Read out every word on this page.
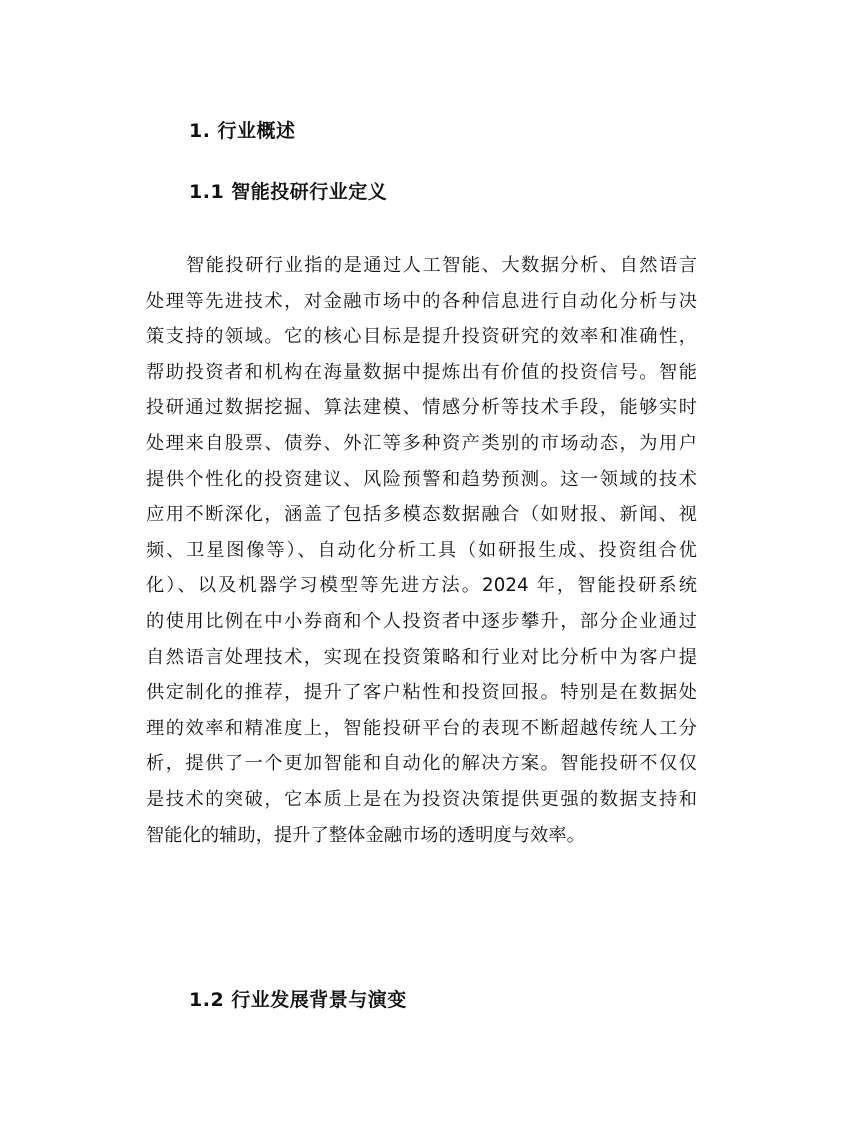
1. 行业概述
1.1 智能投研行业定义
智能投研行业指的是通过人工智能、大数据分析、自然语言
处理等先进技术，对金融市场中的各种信息进行自动化分析与决
策支持的领域。它的核心目标是提升投资研究的效率和准确性，
帮助投资者和机构在海量数据中提炼出有价值的投资信号。智能
投研通过数据挖掘、算法建模、情感分析等技术手段，能够实时
处理来自股票、债券、外汇等多种资产类别的市场动态，为用户
提供个性化的投资建议、风险预警和趋势预测。这一领域的技术
应用不断深化，涵盖了包括多模态数据融合（如财报、新闻、视
频、卫星图像等）、自动化分析工具（如研报生成、投资组合优
化）、以及机器学习模型等先进方法。2024 年，智能投研系统
的使用比例在中小券商和个人投资者中逐步攀升，部分企业通过
自然语言处理技术，实现在投资策略和行业对比分析中为客户提
供定制化的推荐，提升了客户粘性和投资回报。特别是在数据处
理的效率和精准度上，智能投研平台的表现不断超越传统人工分
析，提供了一个更加智能和自动化的解决方案。智能投研不仅仅
是技术的突破，它本质上是在为投资决策提供更强的数据支持和
智能化的辅助，提升了整体金融市场的透明度与效率。
1.2 行业发展背景与演变
